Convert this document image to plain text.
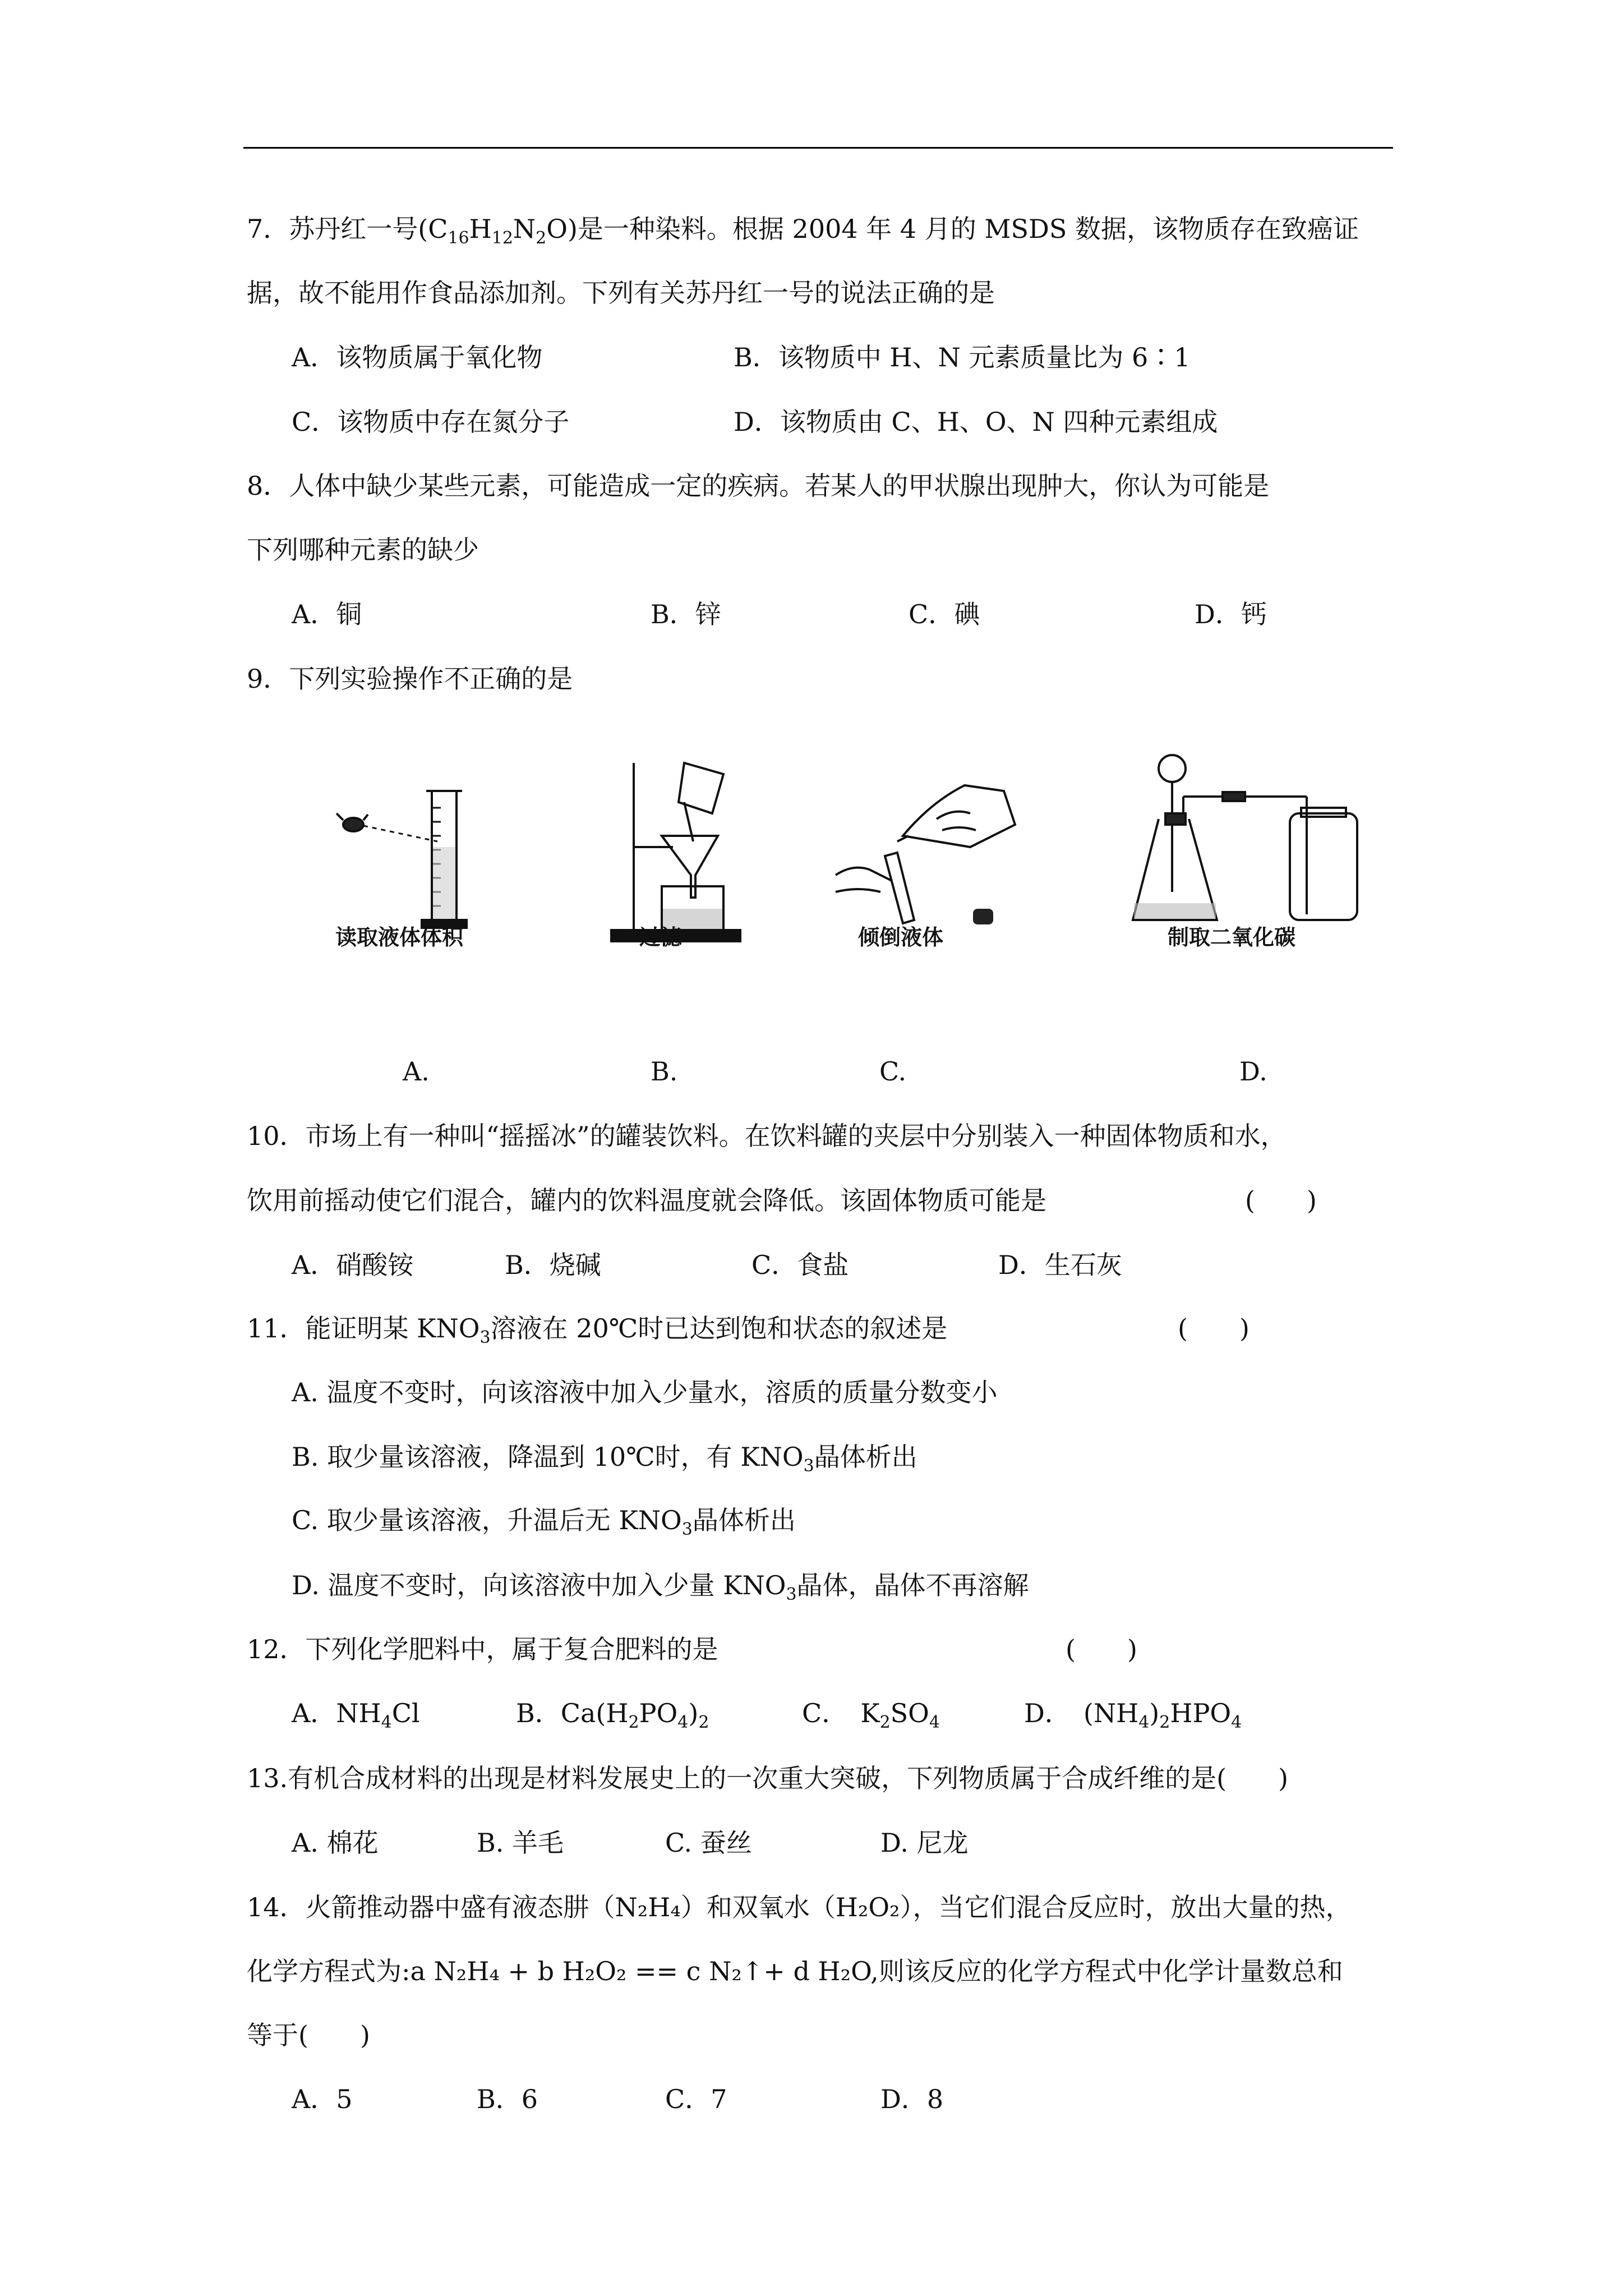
7．苏丹红一号$(C_{16}H_{12}N_2O)$是一种染料。根据 2004 年 4 月的 MSDS 数据，该物质存在致癌证
据，故不能用作食品添加剂。下列有关苏丹红一号的说法正确的是
A．该物质属于氧化物	B．该物质中 H、N 元素质量比为 6∶1
C．该物质中存在氮分子	D．该物质由 C、H、O、N 四种元素组成
8．人体中缺少某些元素，可能造成一定的疾病。若某人的甲状腺出现肿大，你认为可能是
下列哪种元素的缺少
A．铜	B．锌	C．碘	D．钙
9．下列实验操作不正确的是
读取液体体积	过滤	倾倒液体	制取二氧化碳
A.	B.	C.	D.
10．市场上有一种叫“摇摇冰”的罐装饮料。在饮料罐的夹层中分别装入一种固体物质和水，
饮用前摇动使它们混合，罐内的饮料温度就会降低。该固体物质可能是	(　　)
A．硝酸铵	B．烧碱	C．食盐	D．生石灰
11．能证明某 $KNO_3$溶液在 20℃时已达到饱和状态的叙述是	(　　)
A. 温度不变时，向该溶液中加入少量水，溶质的质量分数变小
B. 取少量该溶液，降温到 10℃时，有 $KNO_3$晶体析出
C. 取少量该溶液，升温后无 $KNO_3$晶体析出
D. 温度不变时，向该溶液中加入少量 $KNO_3$晶体，晶体不再溶解
12．下列化学肥料中，属于复合肥料的是	(　　)
A．$NH_4Cl$	B．$Ca(H_2PO_4)_2$	C．　$K_2SO_4$	D．　$(NH_4)_2HPO_4$
13.有机合成材料的出现是材料发展史上的一次重大突破，下列物质属于合成纤维的是(　　)
A. 棉花	B. 羊毛	C. 蚕丝	D. 尼龙
14．火箭推动器中盛有液态肼（N₂H₄）和双氧水（H₂O₂），当它们混合反应时，放出大量的热，
化学方程式为:a N₂H₄ + b H₂O₂ == c N₂↑+ d H₂O,则该反应的化学方程式中化学计量数总和
等于(　　)
A．5	B．6	C．7	D．8
